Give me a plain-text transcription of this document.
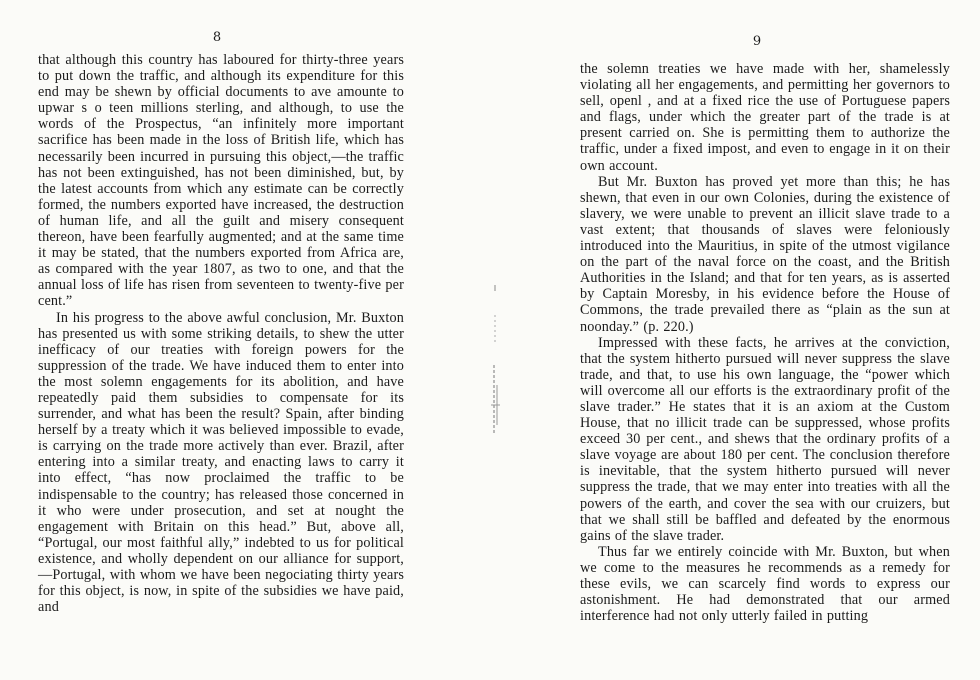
8

that although this country has laboured for thirty-three years to put down the traffic, and although its expenditure for this end may be shewn by official documents to ave amounte to upwar s o teen millions sterling, and although, to use the words of the Prospectus, “an infinitely more important sacrifice has been made in the loss of British life, which has necessarily been incurred in pursuing this object,—the traffic has not been extinguished, has not been diminished, but, by the latest accounts from which any estimate can be correctly formed, the numbers exported have increased, the destruction of human life, and all the guilt and misery consequent thereon, have been fearfully augmented; and at the same time it may be stated, that the numbers exported from Africa are, as compared with the year 1807, as two to one, and that the annual loss of life has risen from seventeen to twenty-five per cent.”

In his progress to the above awful conclusion, Mr. Buxton has presented us with some striking details, to shew the utter inefficacy of our treaties with foreign powers for the suppression of the trade. We have induced them to enter into the most solemn engagements for its abolition, and have repeatedly paid them subsidies to compensate for its surrender, and what has been the result? Spain, after binding herself by a treaty which it was believed impossible to evade, is carrying on the trade more actively than ever. Brazil, after entering into a similar treaty, and enacting laws to carry it into effect, “has now proclaimed the traffic to be indispensable to the country; has released those concerned in it who were under prosecution, and set at nought the engagement with Britain on this head.” But, above all, “Portugal, our most faithful ally,” indebted to us for political existence, and wholly dependent on our alliance for support,—Portugal, with whom we have been negociating thirty years for this object, is now, in spite of the subsidies we have paid, and

9

the solemn treaties we have made with her, shamelessly violating all her engagements, and permitting her governors to sell, openl , and at a fixed rice the use of Portuguese papers and flags, under which the greater part of the trade is at present carried on. She is permitting them to authorize the traffic, under a fixed impost, and even to engage in it on their own account.

But Mr. Buxton has proved yet more than this; he has shewn, that even in our own Colonies, during the existence of slavery, we were unable to prevent an illicit slave trade to a vast extent; that thousands of slaves were feloniously introduced into the Mauritius, in spite of the utmost vigilance on the part of the naval force on the coast, and the British Authorities in the Island; and that for ten years, as is asserted by Captain Moresby, in his evidence before the House of Commons, the trade prevailed there as “plain as the sun at noonday.” (p. 220.)

Impressed with these facts, he arrives at the conviction, that the system hitherto pursued will never suppress the slave trade, and that, to use his own language, the “power which will overcome all our efforts is the extraordinary profit of the slave trader.” He states that it is an axiom at the Custom House, that no illicit trade can be suppressed, whose profits exceed 30 per cent., and shews that the ordinary profits of a slave voyage are about 180 per cent. The conclusion therefore is inevitable, that the system hitherto pursued will never suppress the trade, that we may enter into treaties with all the powers of the earth, and cover the sea with our cruizers, but that we shall still be baffled and defeated by the enormous gains of the slave trader.

Thus far we entirely coincide with Mr. Buxton, but when we come to the measures he recommends as a remedy for these evils, we can scarcely find words to express our astonishment. He had demonstrated that our armed interference had not only utterly failed in putting
